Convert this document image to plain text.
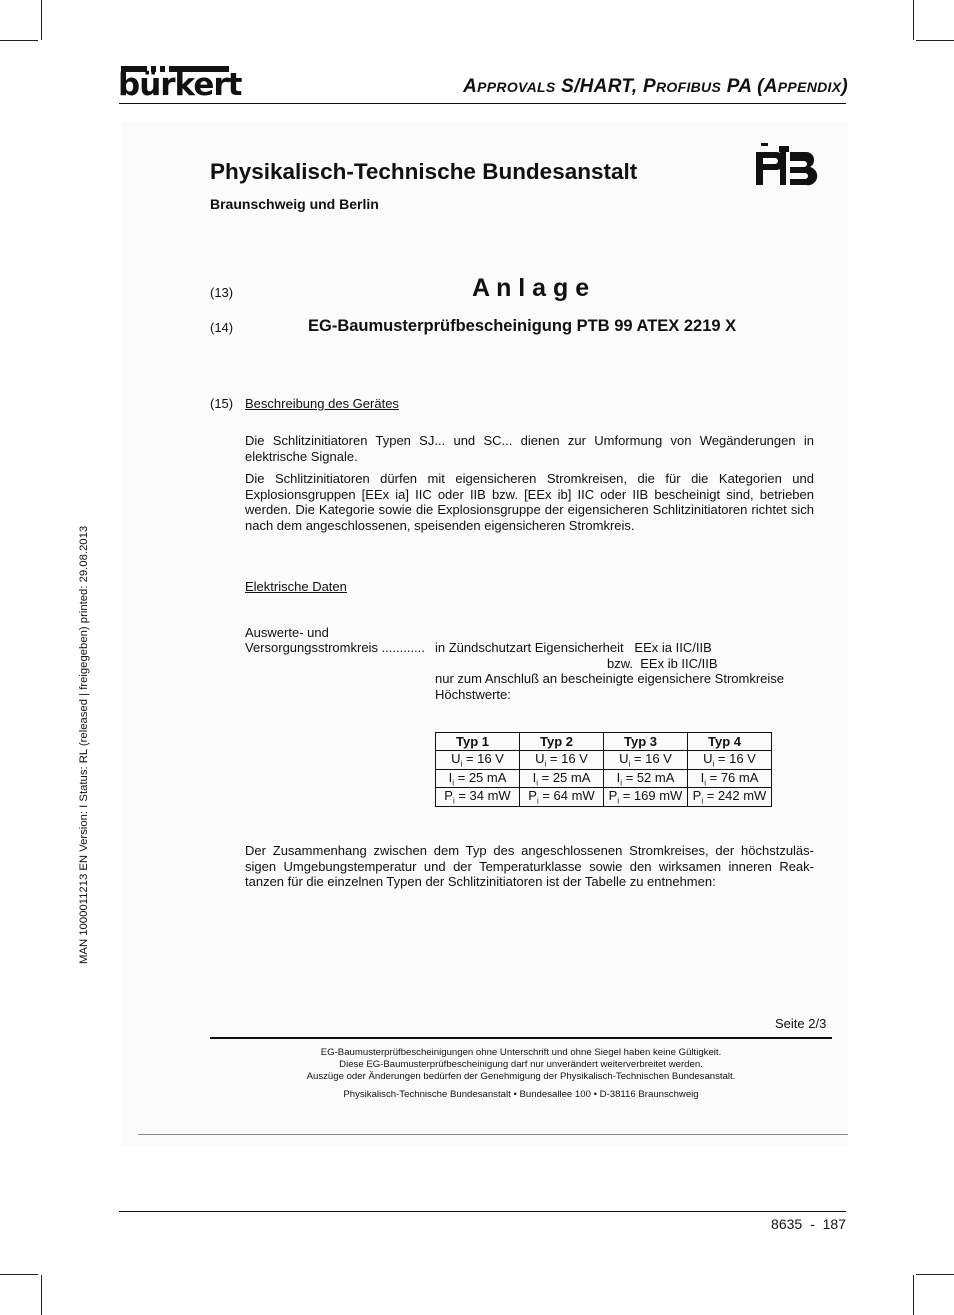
bürkert	APPROVALS S/HART, PROFIBUS PA (APPENDIX)
MAN 1000011213 EN Version: I Status: RL (released | freigegeben) printed: 29.08.2013
Physikalisch-Technische Bundesanstalt
Braunschweig und Berlin
(13)	A n l a g e
(14)	EG-Baumusterprüfbescheinigung PTB 99 ATEX 2219 X
(15) Beschreibung des Gerätes
Die Schlitzinitiatoren Typen SJ... und SC... dienen zur Umformung von Wegänderungen in elektrische Signale.
Die Schlitzinitiatoren dürfen mit eigensicheren Stromkreisen, die für die Kategorien und Explosionsgruppen [EEx ia] IIC oder IIB bzw. [EEx ib] IIC oder IIB bescheinigt sind, betrieben werden. Die Kategorie sowie die Explosionsgruppe der eigensicheren Schlitzinitiatoren richtet sich nach dem angeschlossenen, speisenden eigensicheren Stromkreis.
Elektrische Daten
Auswerte- und
Versorgungsstromkreis ............ in Zündschutzart Eigensicherheit   EEx ia IIC/IIB
bzw.  EEx ib IIC/IIB
nur zum Anschluß an bescheinigte eigensichere Stromkreise
Höchstwerte:
Typ 1	Typ 2	Typ 3	Typ 4
$U_i = 16$ V	$U_i = 16$ V	$U_i = 16$ V	$U_i = 16$ V
$I_i = 25$ mA	$I_i = 25$ mA	$I_i = 52$ mA	$I_i = 76$ mA
$P_i = 34$ mW	$P_i = 64$ mW	$P_i = 169$ mW	$P_i = 242$ mW
Der Zusammenhang zwischen dem Typ des angeschlossenen Stromkreises, der höchstzuläs-sigen Umgebungstemperatur und der Temperaturklasse sowie den wirksamen inneren Reak-tanzen für die einzelnen Typen der Schlitzinitiatoren ist der Tabelle zu entnehmen:
Seite 2/3
EG-Baumusterprüfbescheinigungen ohne Unterschrift und ohne Siegel haben keine Gültigkeit.
Diese EG-Baumusterprüfbescheinigung darf nur unverändert weiterverbreitet werden.
Auszüge oder Änderungen bedürfen der Genehmigung der Physikalisch-Technischen Bundesanstalt.
Physikalisch-Technische Bundesanstalt • Bundesallee 100 • D-38116 Braunschweig
8635 - 187
